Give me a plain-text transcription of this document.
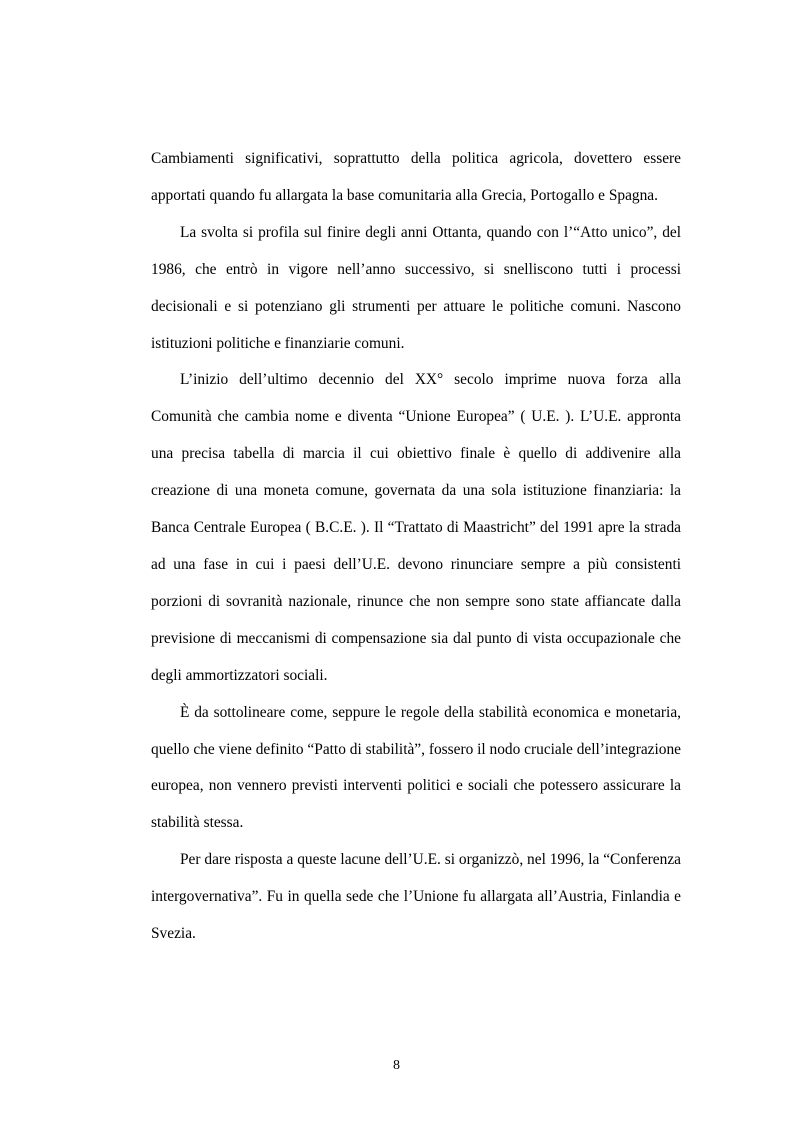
Cambiamenti significativi, soprattutto della politica agricola, dovettero essere apportati quando fu allargata la base comunitaria alla Grecia, Portogallo e Spagna.

La svolta si profila sul finire degli anni Ottanta, quando con l’“Atto unico”, del 1986, che entrò in vigore nell’anno successivo, si snelliscono tutti i processi decisionali e si potenziano gli strumenti per attuare le politiche comuni. Nascono istituzioni politiche e finanziarie comuni.

L’inizio dell’ultimo decennio del XX° secolo imprime nuova forza alla Comunità che cambia nome e diventa “Unione Europea” ( U.E. ). L’U.E. appronta una precisa tabella di marcia il cui obiettivo finale è quello di addivenire alla creazione di una moneta comune, governata da una sola istituzione finanziaria: la Banca Centrale Europea ( B.C.E. ). Il “Trattato di Maastricht” del 1991 apre la strada ad una fase in cui i paesi dell’U.E. devono rinunciare sempre a più consistenti porzioni di sovranità nazionale, rinunce che non sempre sono state affiancate dalla previsione di meccanismi di compensazione sia dal punto di vista occupazionale che degli ammortizzatori sociali.

È da sottolineare come, seppure le regole della stabilità economica e monetaria, quello che viene definito “Patto di stabilità”, fossero il nodo cruciale dell’integrazione europea, non vennero previsti interventi politici e sociali che potessero assicurare la stabilità stessa.

Per dare risposta a queste lacune dell’U.E. si organizzò, nel 1996, la “Conferenza intergovernativa”. Fu in quella sede che l’Unione fu allargata all’Austria, Finlandia e Svezia.

8
